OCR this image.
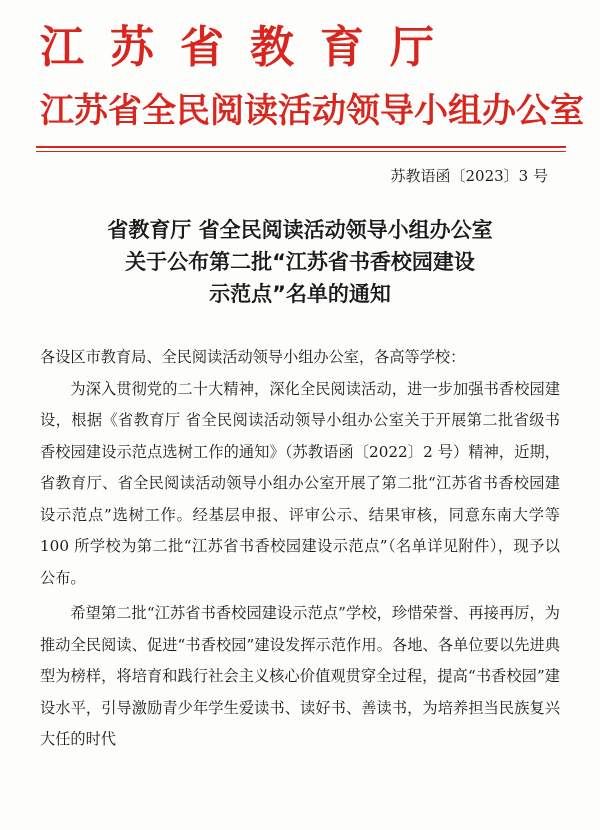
江苏省教育厅
江苏省全民阅读活动领导小组办公室
苏教语函〔2023〕3 号
省教育厅 省全民阅读活动领导小组办公室
关于公布第二批“江苏省书香校园建设
示范点”名单的通知
各设区市教育局、全民阅读活动领导小组办公室，各高等学校：
为深入贯彻党的二十大精神，深化全民阅读活动，进一步加强书香校园建设，根据《省教育厅 省全民阅读活动领导小组办公室关于开展第二批省级书香校园建设示范点选树工作的通知》（苏教语函〔2022〕2 号）精神，近期，省教育厅、省全民阅读活动领导小组办公室开展了第二批“江苏省书香校园建设示范点”选树工作。经基层申报、评审公示、结果审核，同意东南大学等 100 所学校为第二批“江苏省书香校园建设示范点”（名单详见附件），现予以公布。
希望第二批“江苏省书香校园建设示范点”学校，珍惜荣誉、再接再厉，为推动全民阅读、促进“书香校园”建设发挥示范作用。各地、各单位要以先进典型为榜样，将培育和践行社会主义核心价值观贯穿全过程，提高“书香校园”建设水平，引导激励青少年学生爱读书、读好书、善读书，为培养担当民族复兴大任的时代
